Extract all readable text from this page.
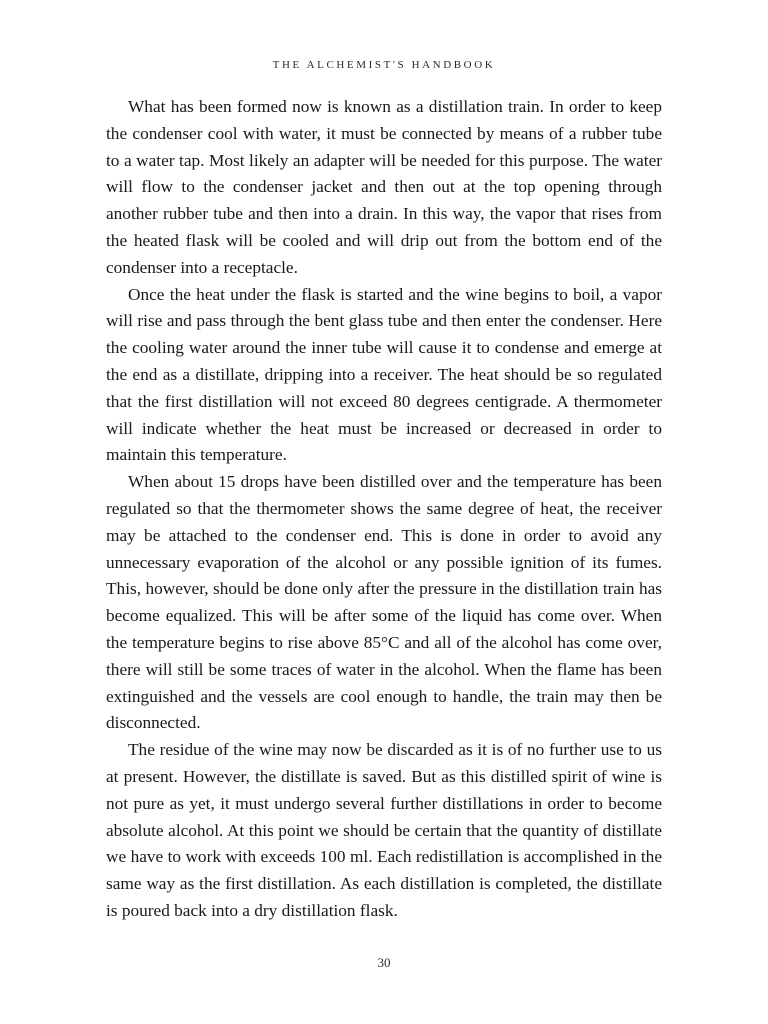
THE ALCHEMIST'S HANDBOOK

What has been formed now is known as a distillation train. In order to keep the condenser cool with water, it must be connected by means of a rubber tube to a water tap. Most likely an adapter will be needed for this purpose. The water will flow to the condenser jacket and then out at the top opening through another rubber tube and then into a drain. In this way, the vapor that rises from the heated flask will be cooled and will drip out from the bottom end of the condenser into a receptacle.

Once the heat under the flask is started and the wine begins to boil, a vapor will rise and pass through the bent glass tube and then enter the condenser. Here the cooling water around the inner tube will cause it to condense and emerge at the end as a distillate, dripping into a receiver. The heat should be so regulated that the first distillation will not exceed 80 degrees centigrade. A thermometer will indicate whether the heat must be increased or decreased in order to maintain this temperature.

When about 15 drops have been distilled over and the temperature has been regulated so that the thermometer shows the same degree of heat, the receiver may be attached to the condenser end. This is done in order to avoid any unnecessary evaporation of the alcohol or any possible ignition of its fumes. This, however, should be done only after the pressure in the distillation train has become equalized. This will be after some of the liquid has come over. When the temperature begins to rise above 85°C and all of the alcohol has come over, there will still be some traces of water in the alcohol. When the flame has been extinguished and the vessels are cool enough to handle, the train may then be disconnected.

The residue of the wine may now be discarded as it is of no further use to us at present. However, the distillate is saved. But as this distilled spirit of wine is not pure as yet, it must undergo several further distillations in order to become absolute alcohol. At this point we should be certain that the quantity of distillate we have to work with exceeds 100 ml. Each redistillation is accomplished in the same way as the first distillation. As each distillation is completed, the distillate is poured back into a dry distillation flask.

30
